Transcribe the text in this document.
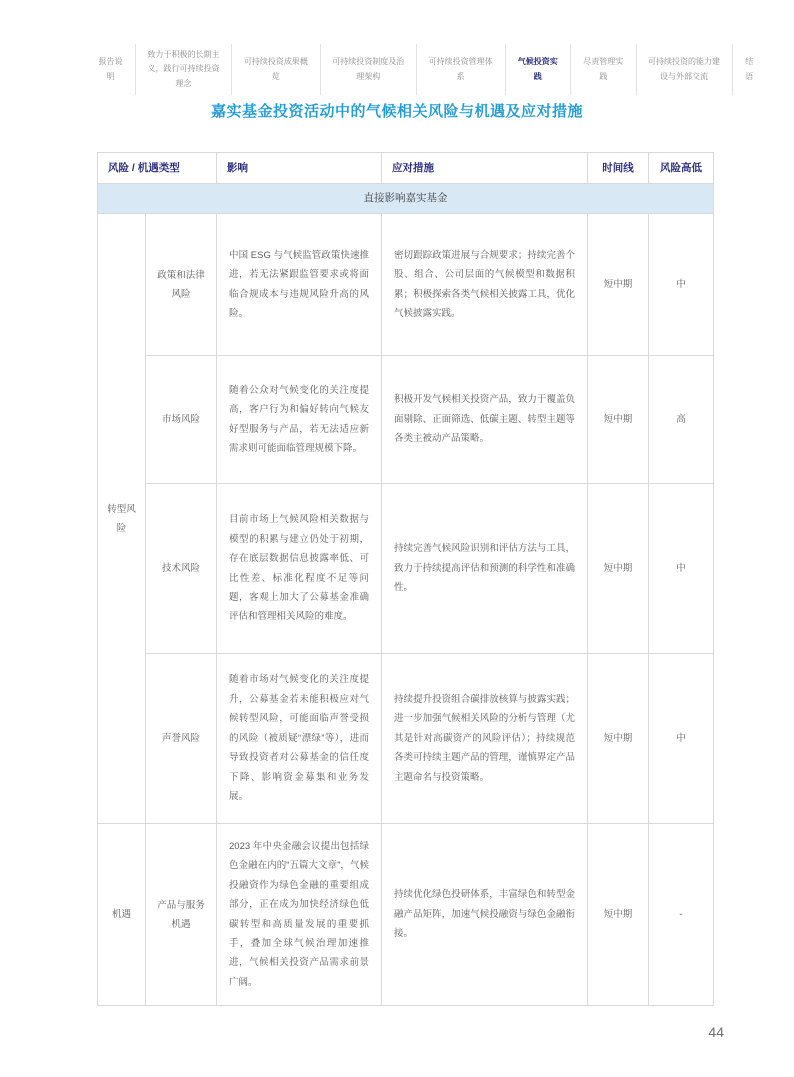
报告说明
致力于积极的长期主义，践行可持续投资理念
可持续投资成果概览
可持续投资制度及治理架构
可持续投资管理体系
气候投资实践
尽责管理实践
可持续投资的能力建设与外部交流
结语
嘉实基金投资活动中的气候相关风险与机遇及应对措施
风险 / 机遇类型		影响	应对措施	时间线	风险高低
直接影响嘉实基金					
转型风险	政策和法律风险	中国 ESG 与气候监管政策快速推进，若无法紧跟监管要求或将面临合规成本与违规风险升高的风险。	密切跟踪政策进展与合规要求；持续完善个股、组合、公司层面的气候模型和数据积累；积极探索各类气候相关披露工具，优化气候披露实践。	短中期	中
	市场风险	随着公众对气候变化的关注度提高，客户行为和偏好转向气候友好型服务与产品，若无法适应新需求则可能面临管理规模下降。	积极开发气候相关投资产品，致力于覆盖负面剔除、正面筛选、低碳主题、转型主题等各类主被动产品策略。	短中期	高
	技术风险	目前市场上气候风险相关数据与模型的积累与建立仍处于初期，存在底层数据信息披露率低、可比性差、标准化程度不足等问题，客观上加大了公募基金准确评估和管理相关风险的难度。	持续完善气候风险识别和评估方法与工具，致力于持续提高评估和预测的科学性和准确性。	短中期	中
	声誉风险	随着市场对气候变化的关注度提升，公募基金若未能积极应对气候转型风险，可能面临声誉受损的风险（被质疑“漂绿”等），进而导致投资者对公募基金的信任度下降、影响资金募集和业务发展。	持续提升投资组合碳排放核算与披露实践；进一步加强气候相关风险的分析与管理（尤其是针对高碳资产的风险评估）；持续规范各类可持续主题产品的管理，谨慎界定产品主题命名与投资策略。	短中期	中
机遇	产品与服务机遇	2023 年中央金融会议提出包括绿色金融在内的“五篇大文章”，气候投融资作为绿色金融的重要组成部分，正在成为加快经济绿色低碳转型和高质量发展的重要抓手，叠加全球气候治理加速推进，气候相关投资产品需求前景广阔。	持续优化绿色投研体系，丰富绿色和转型金融产品矩阵，加速气候投融资与绿色金融衔接。	短中期	-
44
